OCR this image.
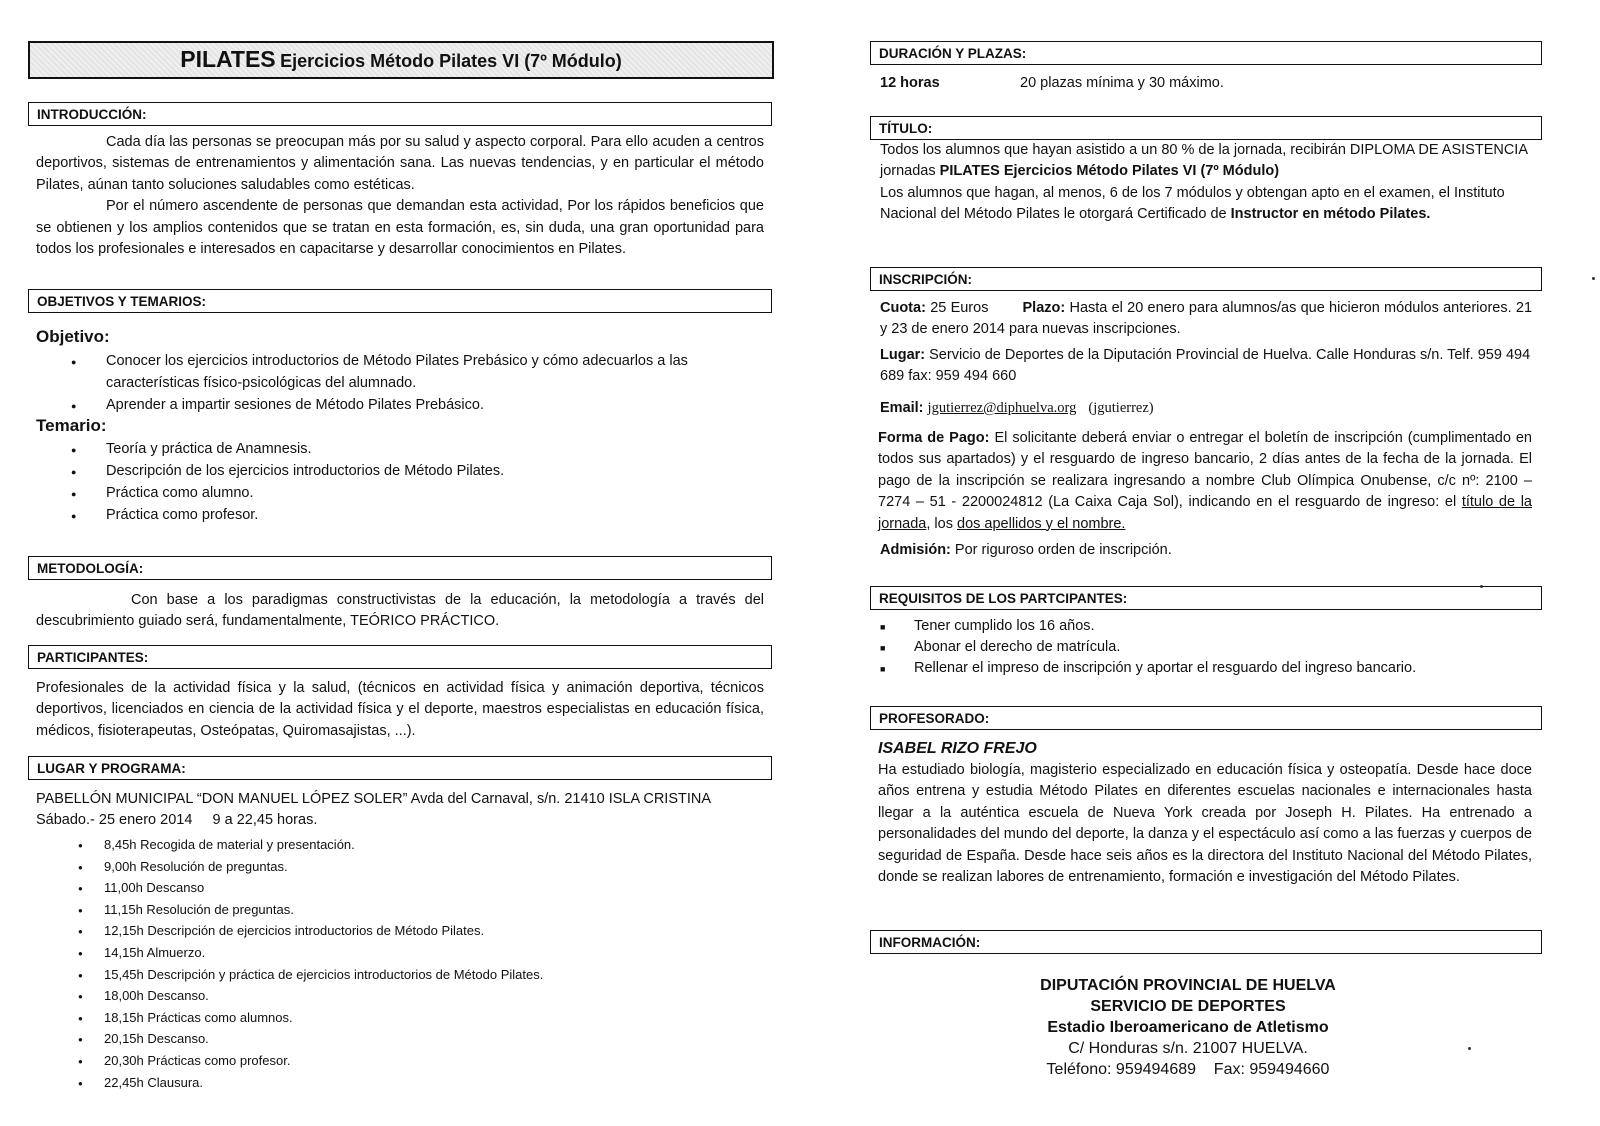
PILATES Ejercicios Método Pilates VI (7º Módulo)
INTRODUCCIÓN:

Cada día las personas se preocupan más por su salud y aspecto corporal. Para ello acuden a centros deportivos, sistemas de entrenamientos y alimentación sana. Las nuevas tendencias, y en particular el método Pilates, aúnan tanto soluciones saludables como estéticas.

Por el número ascendente de personas que demandan esta actividad, Por los rápidos beneficios que se obtienen y los amplios contenidos que se tratan en esta formación, es, sin duda, una gran oportunidad para todos los profesionales e interesados en capacitarse y desarrollar conocimientos en Pilates.

OBJETIVOS Y TEMARIOS:
Objetivo:
● Conocer los ejercicios introductorios de Método Pilates Prebásico y cómo adecuarlos a las características físico-psicológicas del alumnado.
● Aprender a impartir sesiones de Método Pilates Prebásico.
Temario:
● Teoría y práctica de Anamnesis.
● Descripción de los ejercicios introductorios de Método Pilates.
● Práctica como alumno.
● Práctica como profesor.
METODOLOGÍA:

Con base a los paradigmas constructivistas de la educación, la metodología a través del descubrimiento guiado será, fundamentalmente, TEÓRICO PRÁCTICO.

PARTICIPANTES:
Profesionales de la actividad física y la salud, (técnicos en actividad física y animación deportiva, técnicos deportivos, licenciados en ciencia de la actividad física y el deporte, maestros especialistas en educación física, médicos, fisioterapeutas, Osteópatas, Quiromasajistas, ...).
LUGAR Y PROGRAMA:
PABELLÓN MUNICIPAL “DON MANUEL LÓPEZ SOLER” Avda del Carnaval, s/n. 21410 ISLA CRISTINA
Sábado.- 25 enero 2014     9 a 22,45 horas.
● 8,45h Recogida de material y presentación.
● 9,00h Resolución de preguntas.
● 11,00h Descanso
● 11,15h Resolución de preguntas.
● 12,15h Descripción de ejercicios introductorios de Método Pilates.
● 14,15h Almuerzo.
● 15,45h Descripción y práctica de ejercicios introductorios de Método Pilates.
● 18,00h Descanso.
● 18,15h Prácticas como alumnos.
● 20,15h Descanso.
● 20,30h Prácticas como profesor.
● 22,45h Clausura.
DURACIÓN Y PLAZAS:
12 horas	20 plazas mínima y 30 máximo.
TÍTULO:

Todos los alumnos que hayan asistido a un 80 % de la jornada, recibirán DIPLOMA DE ASISTENCIA jornadas PILATES Ejercicios Método Pilates VI (7º Módulo)

Los alumnos que hagan, al menos, 6 de los 7 módulos y obtengan apto en el examen, el Instituto Nacional del Método Pilates le otorgará Certificado de Instructor en método Pilates.

INSCRIPCIÓN:
Cuota: 25 Euros Plazo: Hasta el 20 enero para alumnos/as que hicieron módulos anteriores. 21 y 23 de enero 2014 para nuevas inscripciones.
Lugar: Servicio de Deportes de la Diputación Provincial de Huelva. Calle Honduras s/n. Telf. 959 494 689 fax: 959 494 660
Email: jgutierrez@diphuelva.org (jgutierrez)
Forma de Pago: El solicitante deberá enviar o entregar el boletín de inscripción (cumplimentado en todos sus apartados) y el resguardo de ingreso bancario, 2 días antes de la fecha de la jornada. El pago de la inscripción se realizara ingresando a nombre Club Olímpica Onubense, c/c nº: 2100 – 7274 – 51 - 2200024812 (La Caixa Caja Sol), indicando en el resguardo de ingreso: el título de la jornada, los dos apellidos y el nombre.
Admisión: Por riguroso orden de inscripción.
REQUISITOS DE LOS PARTCIPANTES:
■ Tener cumplido los 16 años.
■ Abonar el derecho de matrícula.
■ Rellenar el impreso de inscripción y aportar el resguardo del ingreso bancario.
PROFESORADO:
ISABEL RIZO FREJO
Ha estudiado biología, magisterio especializado en educación física y osteopatía. Desde hace doce años entrena y estudia Método Pilates en diferentes escuelas nacionales e internacionales hasta llegar a la auténtica escuela de Nueva York creada por Joseph H. Pilates. Ha entrenado a personalidades del mundo del deporte, la danza y el espectáculo así como a las fuerzas y cuerpos de seguridad de España. Desde hace seis años es la directora del Instituto Nacional del Método Pilates, donde se realizan labores de entrenamiento, formación e investigación del Método Pilates.
INFORMACIÓN:
DIPUTACIÓN PROVINCIAL DE HUELVA
SERVICIO DE DEPORTES
Estadio Iberoamericano de Atletismo
C/ Honduras s/n. 21007 HUELVA.
Teléfono: 959494689    Fax: 959494660
